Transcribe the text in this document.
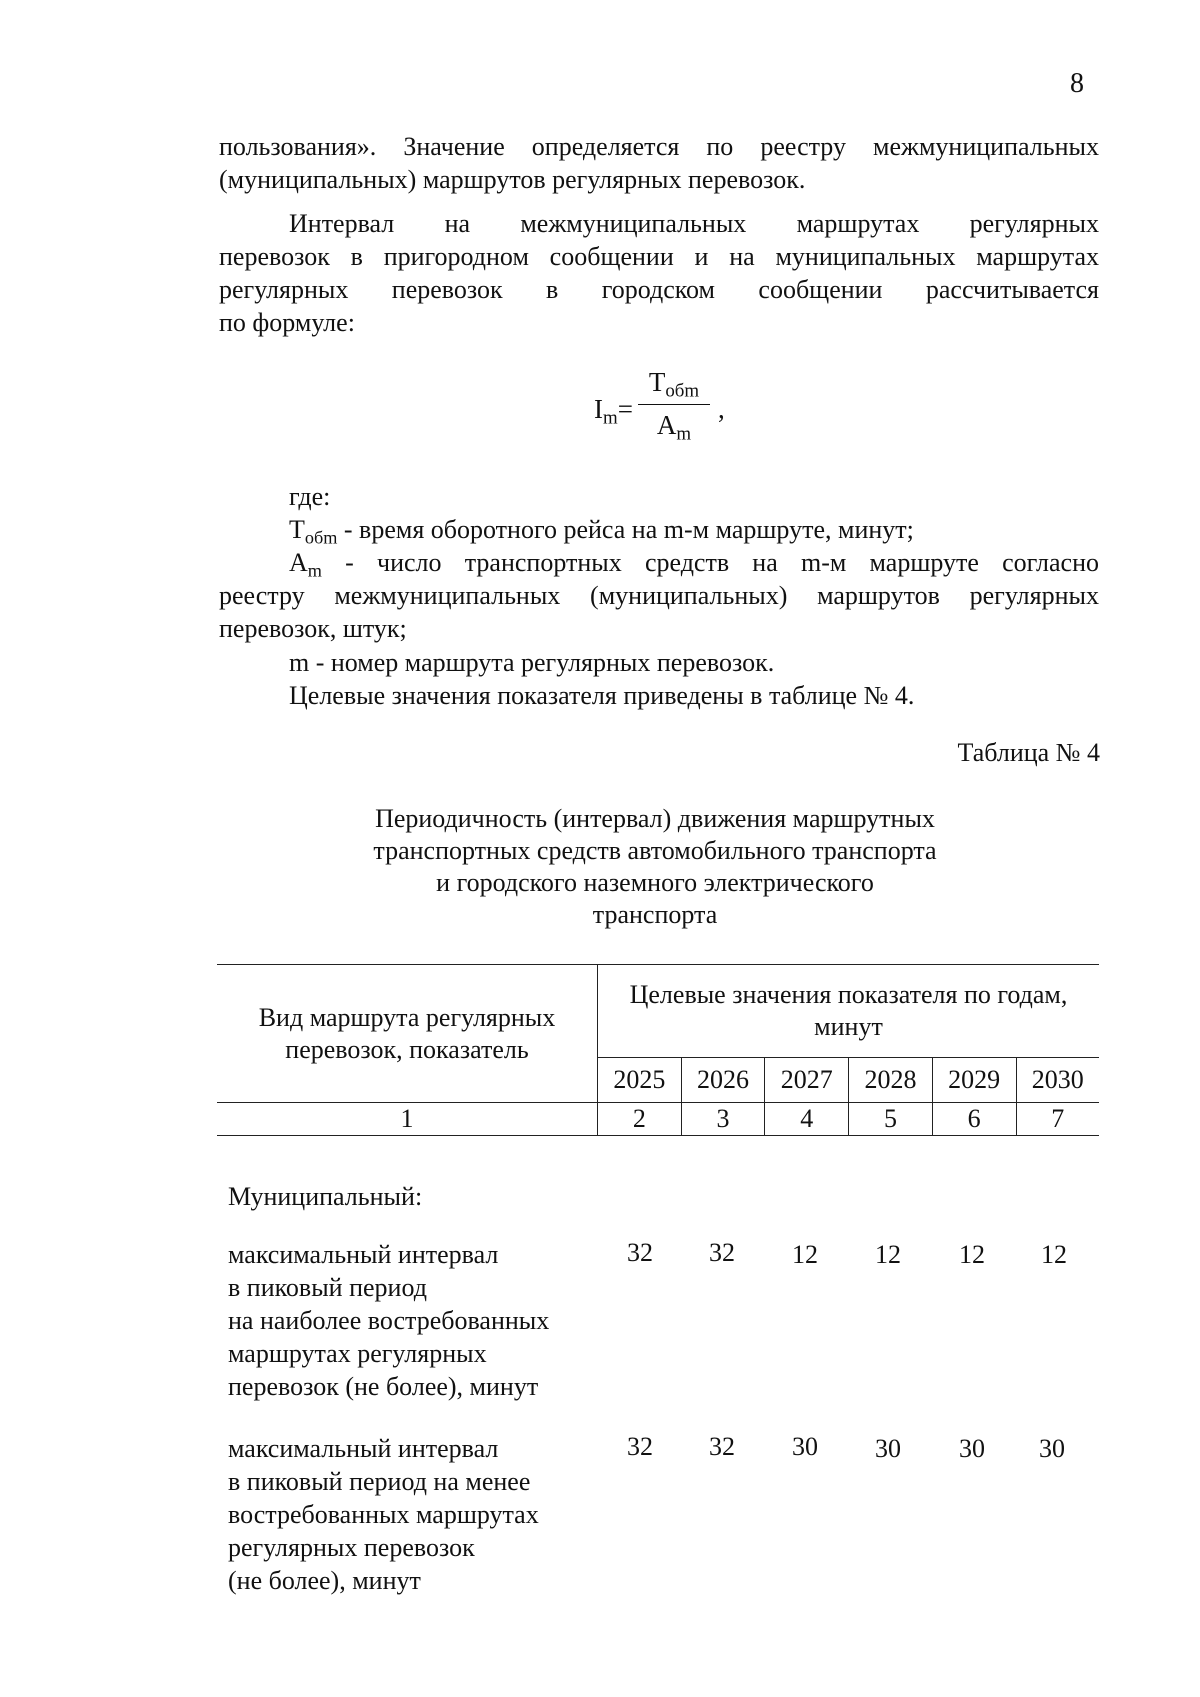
8
пользования». Значение определяется по реестру межмуниципальных
(муниципальных) маршрутов регулярных перевозок.
Интервал на межмуниципальных маршрутах регулярных
перевозок в пригородном сообщении и на муниципальных маршрутах
регулярных перевозок в городском сообщении рассчитывается
по формуле:
$I_m=$
$T_{обm}$
$A_m$
,
где:
$T_{обm}$ - время оборотного рейса на m-м маршруте, минут;
$A_m$ - число транспортных средств на m-м маршруте согласно
реестру межмуниципальных (муниципальных) маршрутов регулярных
перевозок, штук;
m - номер маршрута регулярных перевозок.
Целевые значения показателя приведены в таблице № 4.
Таблица № 4
Периодичность (интервал) движения маршрутных
транспортных средств автомобильного транспорта
и городского наземного электрического
транспорта

Вид маршрута регулярных перевозок, показатель	Целевые значения показателя по годам, минут					
	2025	2026	2027	2028	2029	2030
1	2	3	4	5	6	7
Муниципальный:
максимальный интервал
в пиковый период
на наиболее востребованных
маршрутах регулярных
перевозок (не более), минут
32	32	12	12	12	12
максимальный интервал
в пиковый период на менее
востребованных маршрутах
регулярных перевозок
(не более), минут
32	32	30	30	30	30
